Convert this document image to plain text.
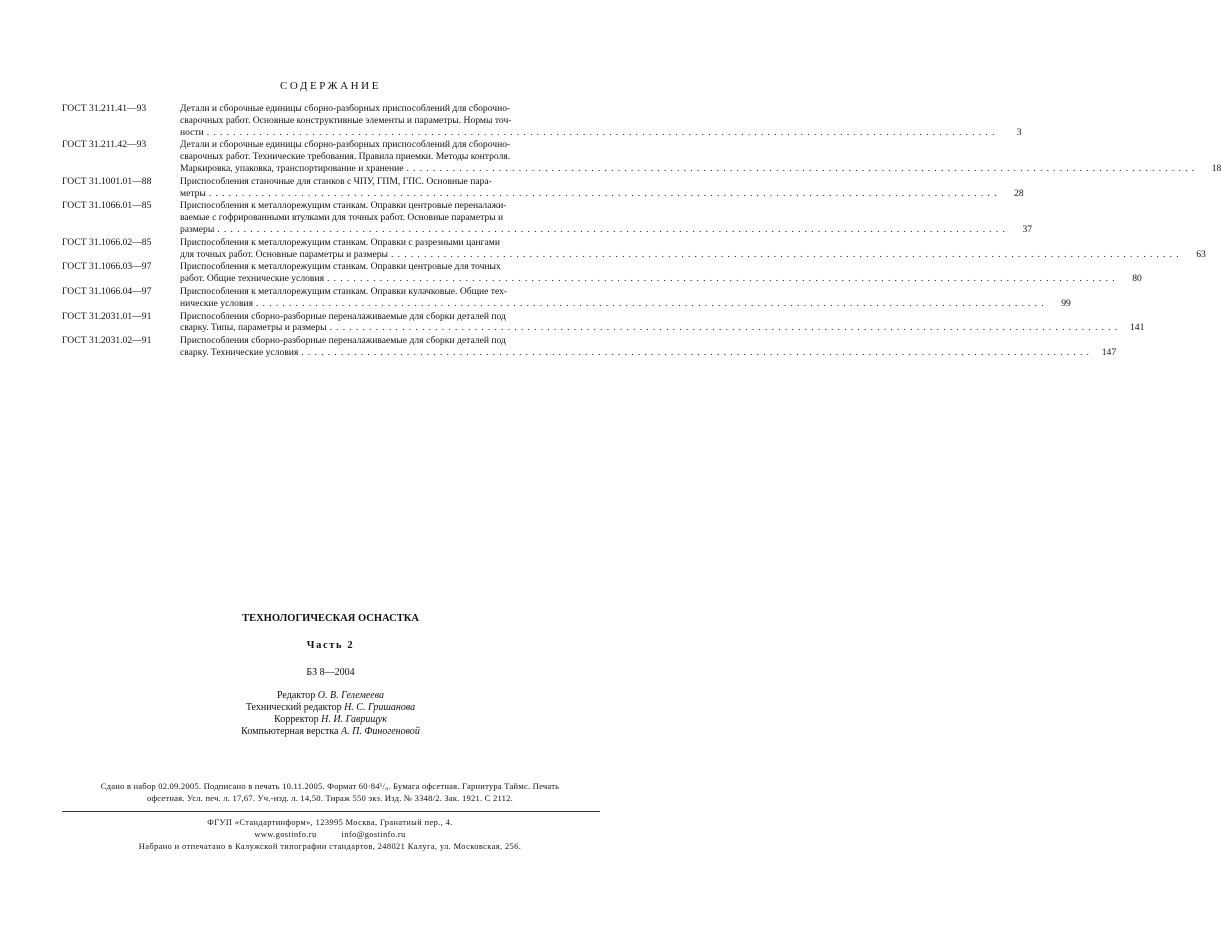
СОДЕРЖАНИЕ
ГОСТ 31.211.41—93	Детали и сборочные единицы сборно-разборных приспособлений для сборочно-
сварочных работ. Основные конструктивные элементы и параметры. Нормы точ-
ности ........................................................................................................................	3
ГОСТ 31.211.42—93	Детали и сборочные единицы сборно-разборных приспособлений для сборочно-
сварочных работ. Технические требования. Правила приемки. Методы контроля.
Маркировка, упаковка, транспортирование и хранение ........................................................................................................................	18
ГОСТ 31.1001.01—88	Приспособления станочные для станков с ЧПУ, ГПМ, ГПС. Основные пара-
метры ........................................................................................................................	28
ГОСТ 31.1066.01—85	Приспособления к металлорежущим станкам. Оправки центровые переналажи-
ваемые с гофрированными втулками для точных работ. Основные параметры и
размеры ........................................................................................................................	37
ГОСТ 31.1066.02—85	Приспособления к металлорежущим станкам. Оправки с разрезными цангами
для точных работ. Основные параметры и размеры ........................................................................................................................	63
ГОСТ 31.1066.03—97	Приспособления к металлорежущим станкам. Оправки центровые для точных
работ. Общие технические условия ........................................................................................................................	80
ГОСТ 31.1066.04—97	Приспособления к металлорежущим станкам. Оправки кулачковые. Общие тех-
нические условия ........................................................................................................................	99
ГОСТ 31.2031.01—91	Приспособления сборно-разборные переналаживаемые для сборки деталей под
сварку. Типы, параметры и размеры ........................................................................................................................ 141
ГОСТ 31.2031.02—91	Приспособления сборно-разборные переналаживаемые для сборки деталей под
сварку. Технические условия ........................................................................................................................ 147
ТЕХНОЛОГИЧЕСКАЯ ОСНАСТКА
Часть 2
БЗ 8—2004
Редактор О. В. Гелемеева
Технический редактор Н. С. Гришанова
Корректор Н. И. Гаврищук
Компьютерная верстка А. П. Финогеновой
Сдано в набор 02.09.2005. Подписано в печать 10.11.2005. Формат 60·84¹/₈. Бумага офсетная. Гарнитура Таймс. Печать
офсетная. Усл. печ. л. 17,67. Уч.-изд. л. 14,50. Тираж 550 экз. Изд. № 3348/2. Зак. 1921. С 2112.
ФГУП «Стандартинформ», 123995 Москва, Гранатный пер., 4.
www.gostinfo.ru	info@gostinfo.ru
Набрано и отпечатано в Калужской типографии стандартов, 248021 Калуга, ул. Московская, 256.
